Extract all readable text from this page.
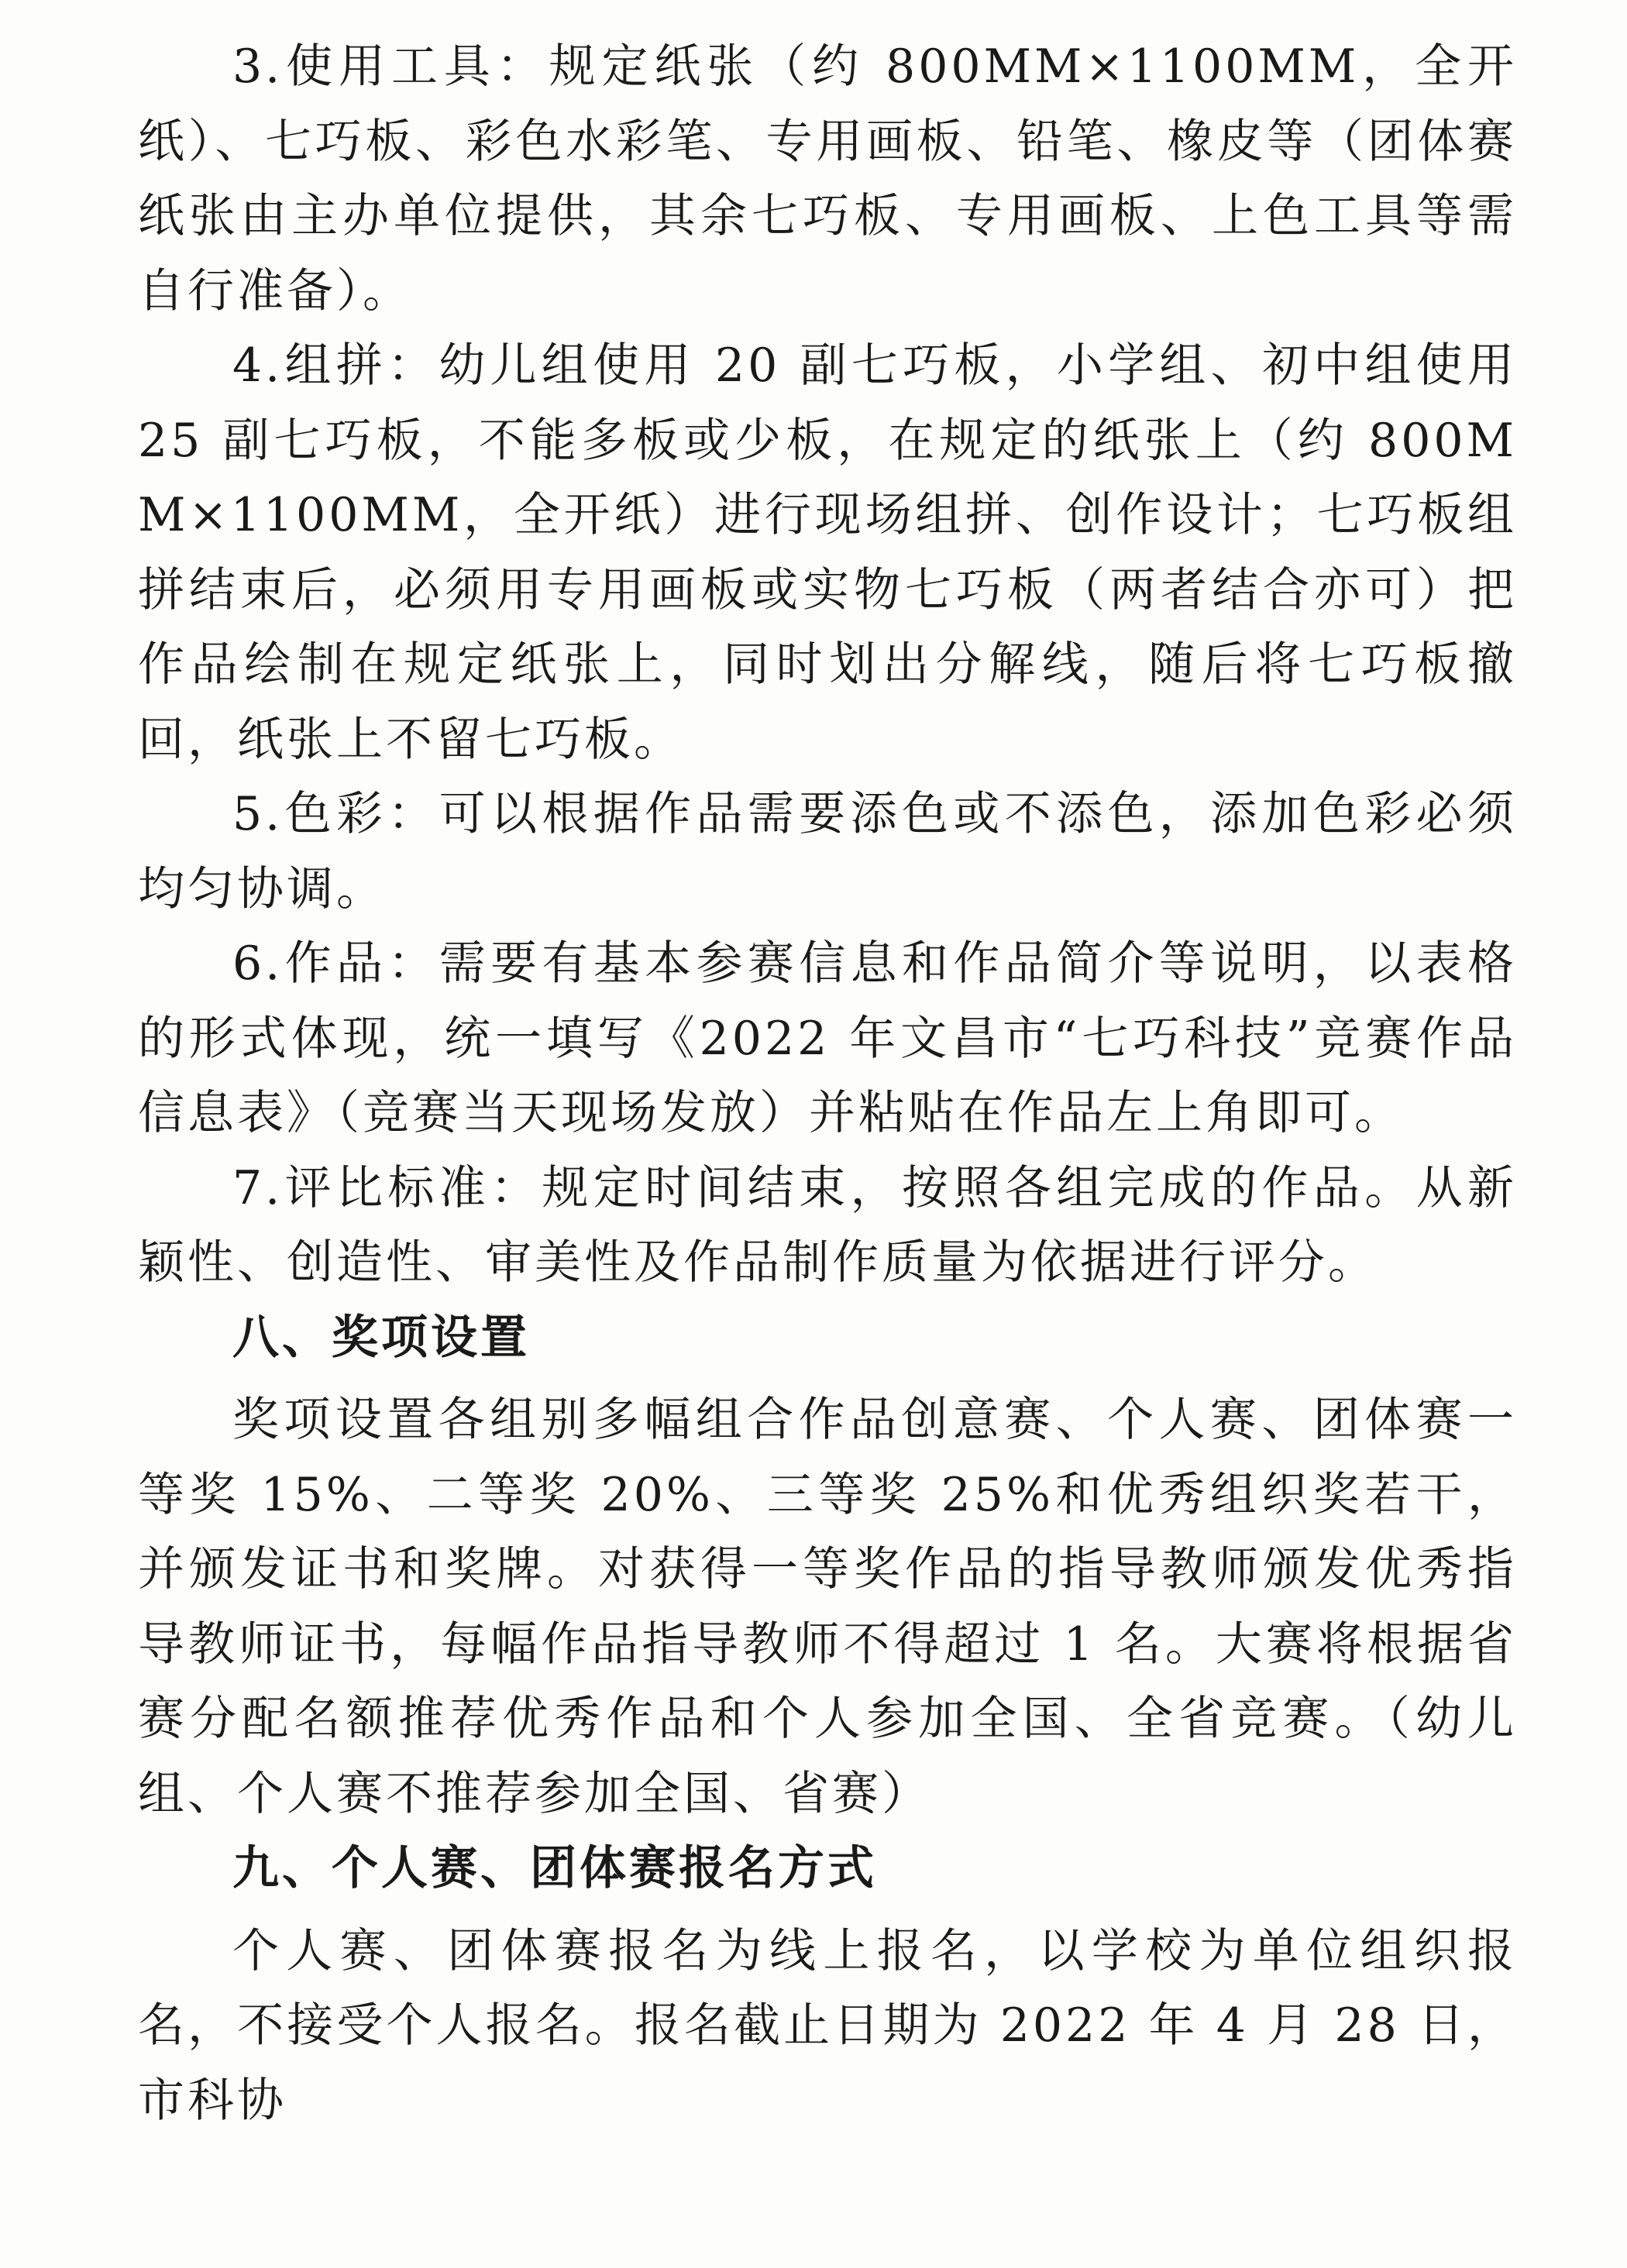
3.使用工具：规定纸张（约 800MM×1100MM，全开纸）、七巧板、彩色水彩笔、专用画板、铅笔、橡皮等（团体赛纸张由主办单位提供，其余七巧板、专用画板、上色工具等需自行准备）。

4.组拼：幼儿组使用 20 副七巧板，小学组、初中组使用 25 副七巧板，不能多板或少板，在规定的纸张上（约 800MM×1100MM，全开纸）进行现场组拼、创作设计；七巧板组拼结束后，必须用专用画板或实物七巧板（两者结合亦可）把作品绘制在规定纸张上，同时划出分解线，随后将七巧板撤回，纸张上不留七巧板。

5.色彩：可以根据作品需要添色或不添色，添加色彩必须均匀协调。

6.作品：需要有基本参赛信息和作品简介等说明，以表格的形式体现，统一填写《2022 年文昌市“七巧科技”竞赛作品信息表》（竞赛当天现场发放）并粘贴在作品左上角即可。

7.评比标准：规定时间结束，按照各组完成的作品。从新颖性、创造性、审美性及作品制作质量为依据进行评分。

八、奖项设置

奖项设置各组别多幅组合作品创意赛、个人赛、团体赛一等奖 15%、二等奖 20%、三等奖 25%和优秀组织奖若干，并颁发证书和奖牌。对获得一等奖作品的指导教师颁发优秀指导教师证书，每幅作品指导教师不得超过 1 名。大赛将根据省赛分配名额推荐优秀作品和个人参加全国、全省竞赛。（幼儿组、个人赛不推荐参加全国、省赛）

九、个人赛、团体赛报名方式

个人赛、团体赛报名为线上报名，以学校为单位组织报名，不接受个人报名。报名截止日期为 2022 年 4 月 28 日，市科协
